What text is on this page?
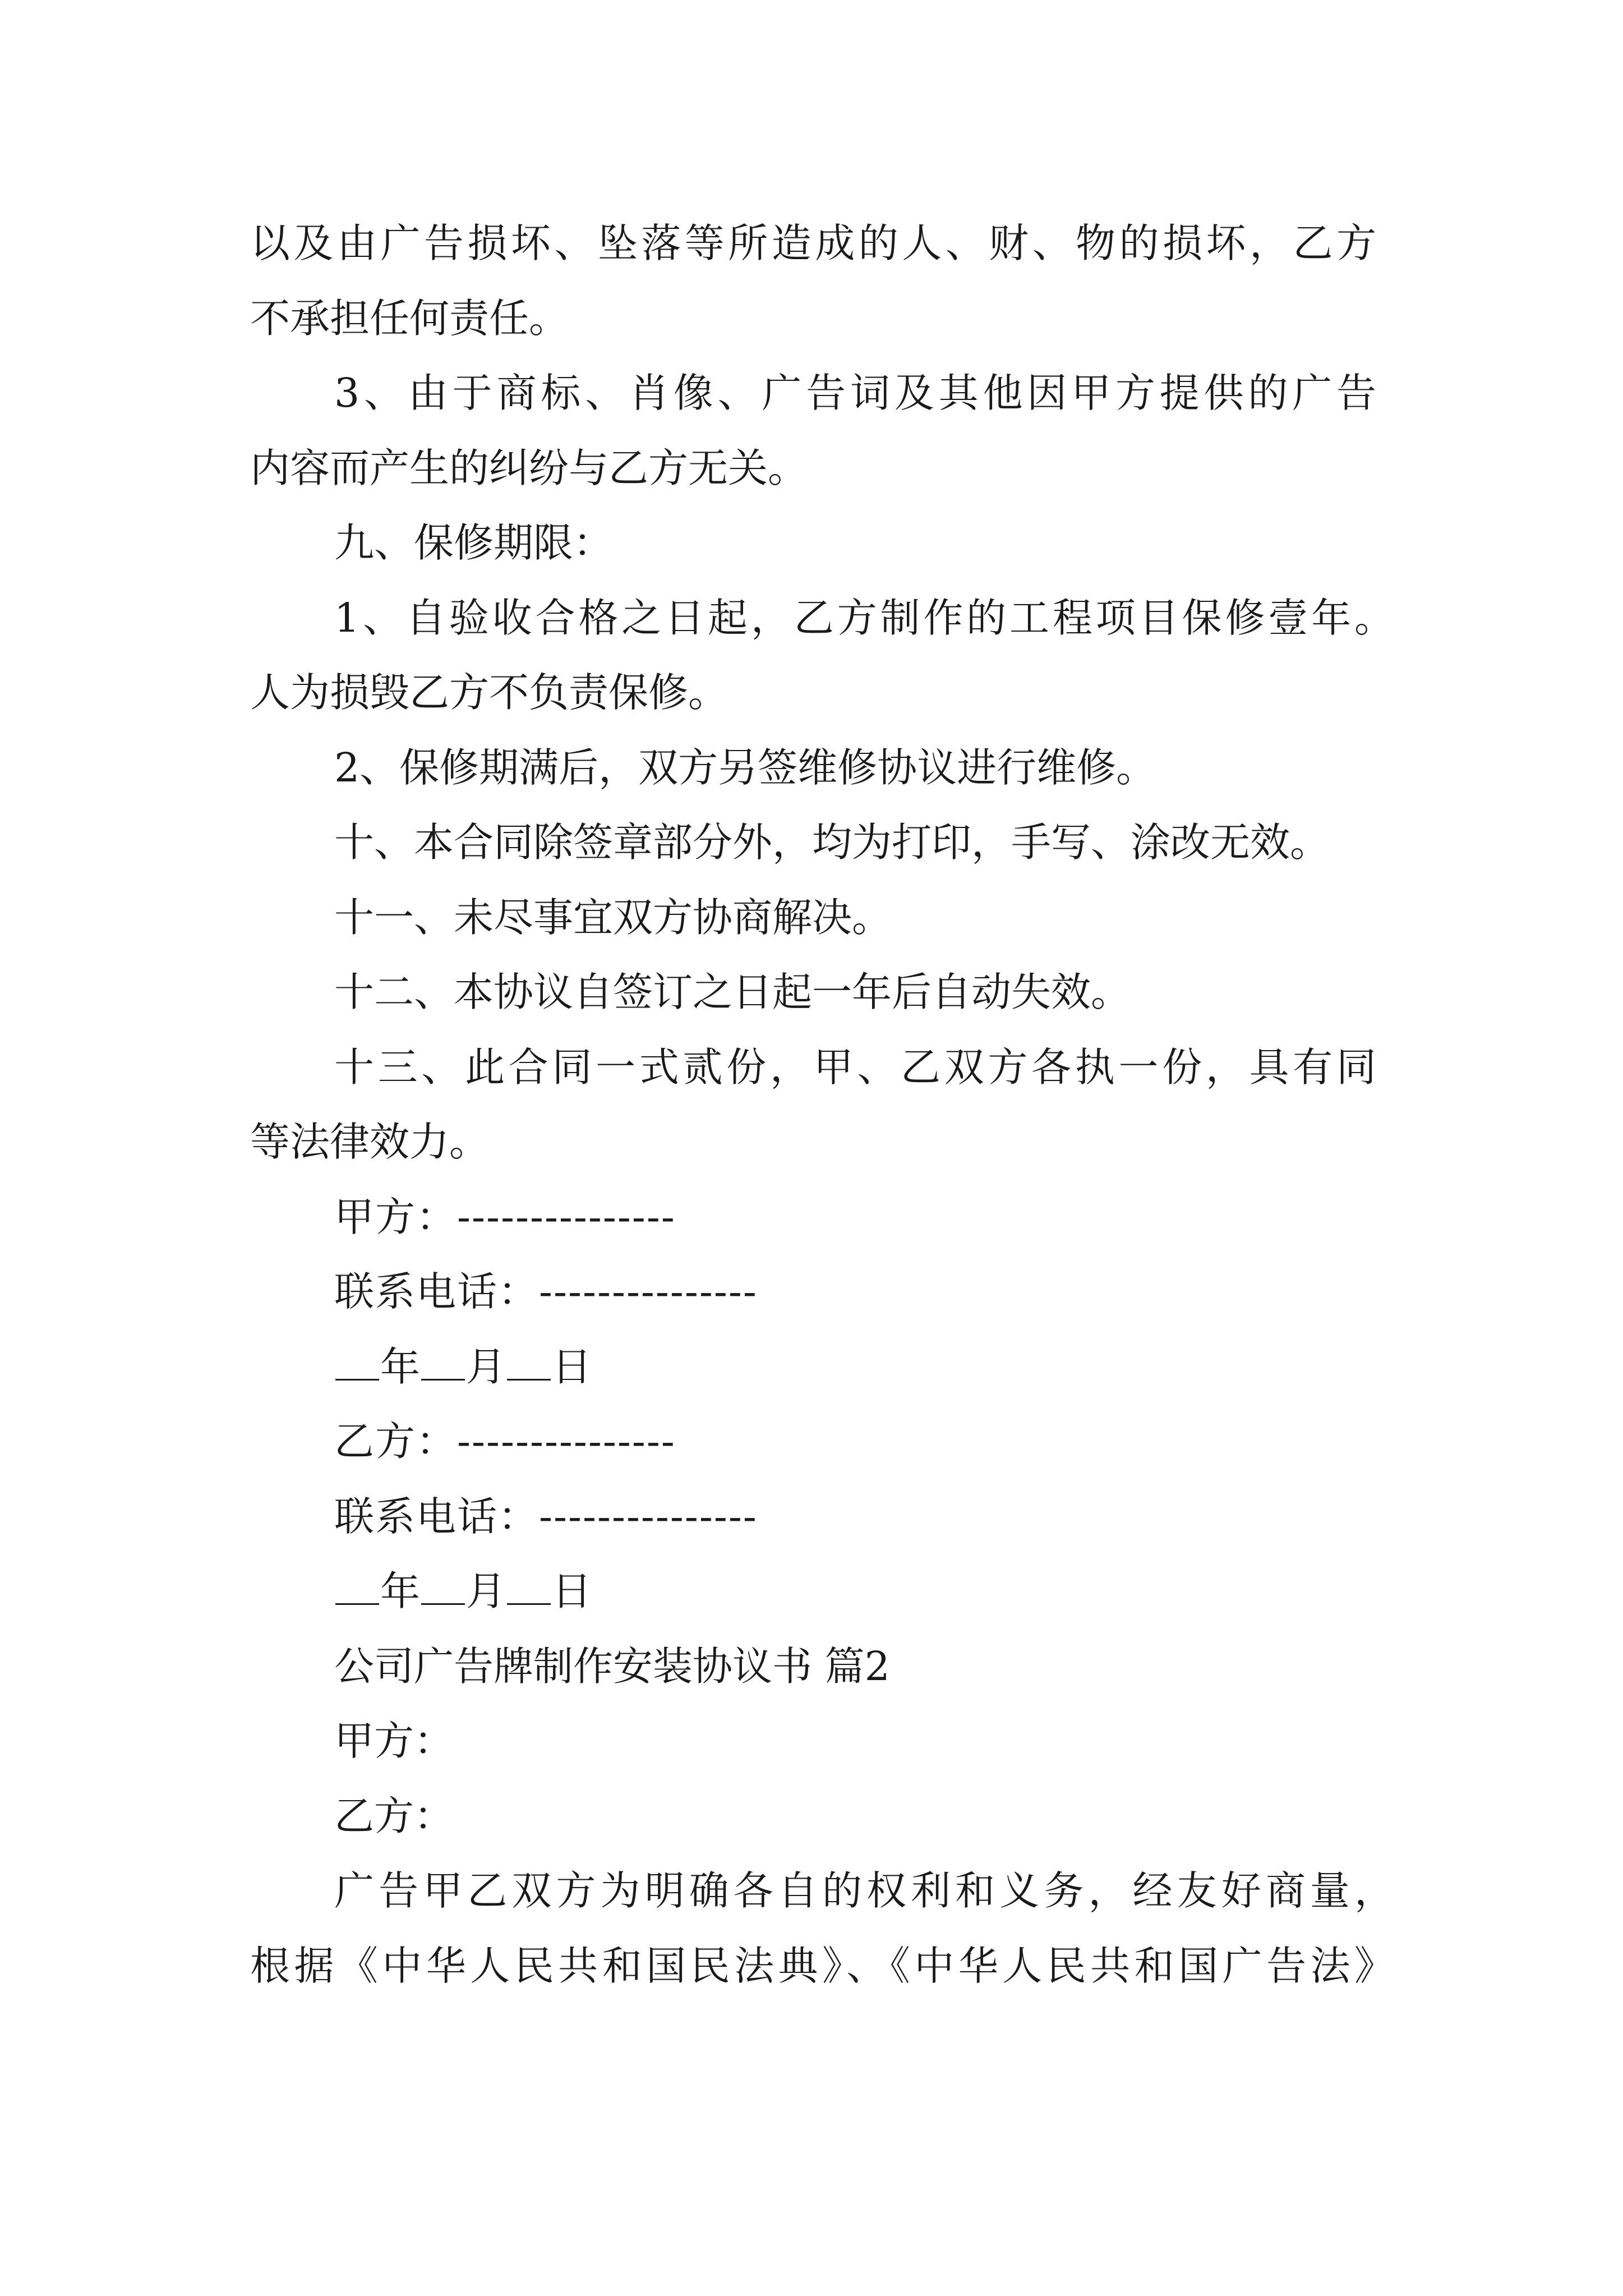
以及由广告损坏、坠落等所造成的人、财、物的损坏，乙方
不承担任何责任。
3、由于商标、肖像、广告词及其他因甲方提供的广告
内容而产生的纠纷与乙方无关。
九、保修期限：
1、自验收合格之日起，乙方制作的工程项目保修壹年。
人为损毁乙方不负责保修。
2、保修期满后，双方另签维修协议进行维修。
十、本合同除签章部分外，均为打印，手写、涂改无效。
十一、未尽事宜双方协商解决。
十二、本协议自签订之日起一年后自动失效。
十三、此合同一式贰份，甲、乙双方各执一份，具有同
等法律效力。
甲方：---------------
联系电话：---------------
年 月 日
乙方：---------------
联系电话：---------------
年 月 日
公司广告牌制作安装协议书 篇2
甲方：
乙方：
广告甲乙双方为明确各自的权利和义务，经友好商量，
根据《中华人民共和国民法典》、《中华人民共和国广告法》
